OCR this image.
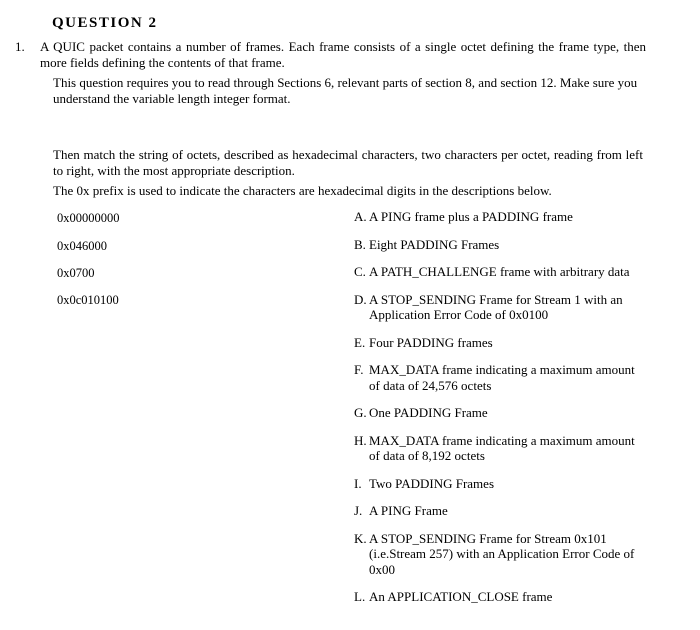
QUESTION 2
1. A QUIC packet contains a number of frames. Each frame consists of a single octet defining the frame type, then more fields defining the contents of that frame.
This question requires you to read through Sections 6, relevant parts of section 8, and section 12. Make sure you understand the variable length integer format.
Then match the string of octets, described as hexadecimal characters, two characters per octet, reading from left to right, with the most appropriate description.
The 0x prefix is used to indicate the characters are hexadecimal digits in the descriptions below.
0x00000000
0x046000
0x0700
0x0c010100
A. A PING frame plus a PADDING frame
B. Eight PADDING Frames
C. A PATH_CHALLENGE frame with arbitrary data
D. A STOP_SENDING Frame for Stream 1 with an Application Error Code of 0x0100
E. Four PADDING frames
F. MAX_DATA frame indicating a maximum amount of data of 24,576 octets
G. One PADDING Frame
H. MAX_DATA frame indicating a maximum amount of data of 8,192 octets
I. Two PADDING Frames
J. A PING Frame
K. A STOP_SENDING Frame for Stream 0x101 (i.e.Stream 257) with an Application Error Code of 0x00
L. An APPLICATION_CLOSE frame
